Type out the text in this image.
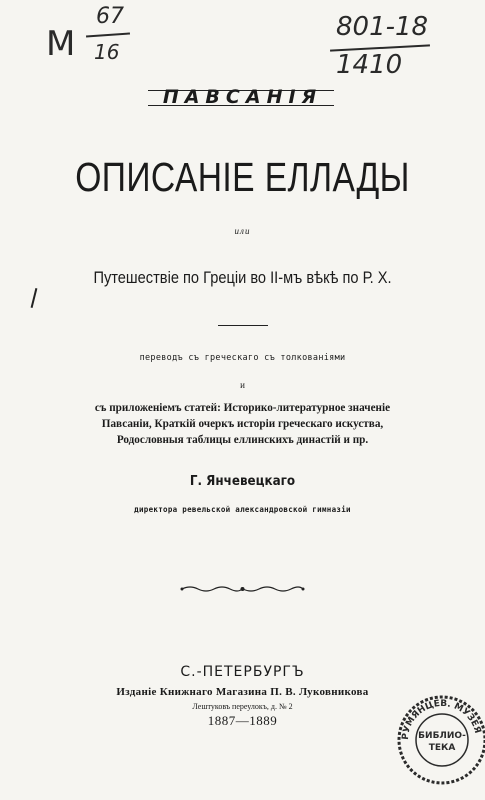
М
67
16
801-18
1410
ПАВСАНІЯ
ОПИСАНІЕ ЕЛЛАДЫ
или
Путешествіе по Греціи во II-мъ вѣкѣ по Р. Х.
переводъ съ греческаго съ толкованіями
и
съ приложеніемъ статей: Историко-литературное значеніе
Павсаніи, Краткій очеркъ исторіи греческаго искуства,
Родословныя таблицы еллинскихъ династій и пр.
Г. Янчевецкаго
директора ревельской александровской гимназіи
С.-ПЕТЕРБУРГЪ
Изданіе Книжнаго Магазина П. В. Луковникова
Лештуковъ переулокъ, д. № 2
1887—1889
РУМЯНЦЕВ. МУЗЕЯ
БИБЛИО-
ТЕКА
